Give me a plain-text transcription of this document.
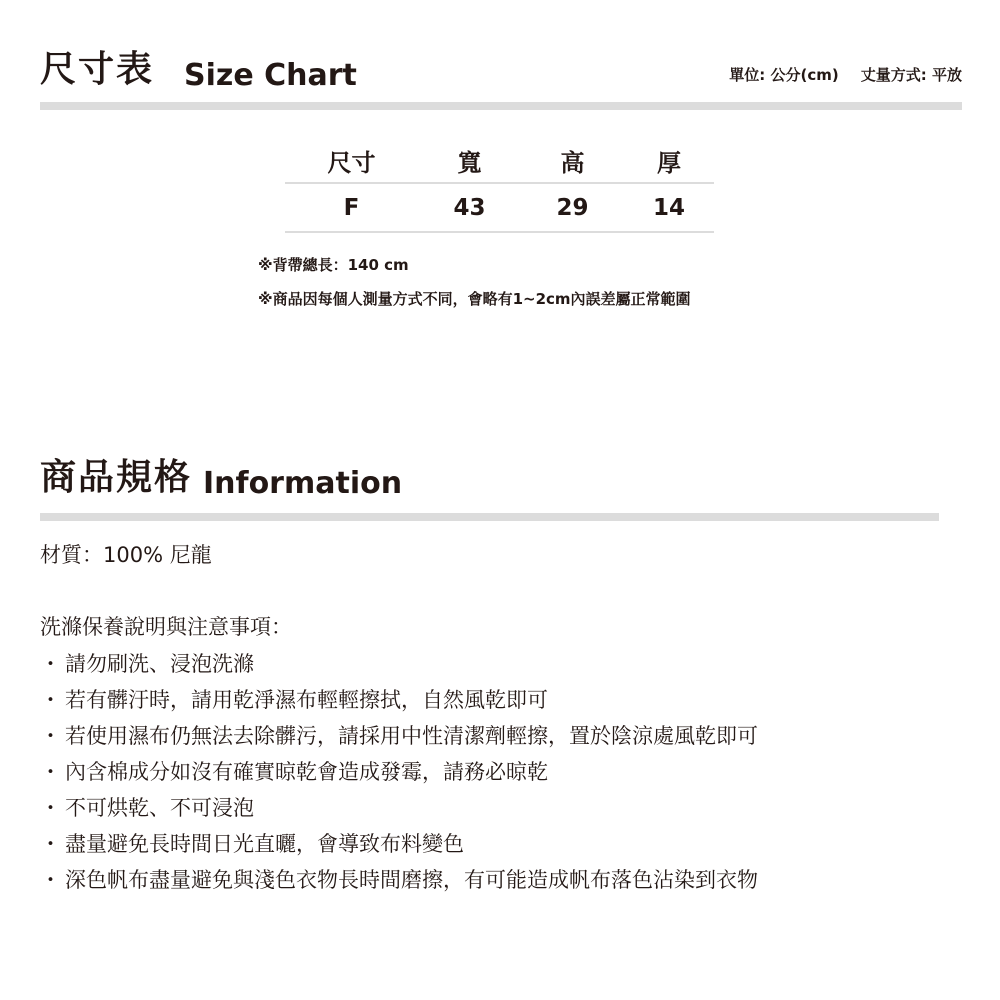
尺寸表 Size Chart	單位: 公分(cm) 丈量方式: 平放
尺寸	寬	高	厚
F	43	29	14
※背帶總長：140 cm
※商品因每個人測量方式不同，會略有1~2cm內誤差屬正常範圍
商品規格 Information
材質：100% 尼龍
洗滌保養說明與注意事項：
・ 請勿刷洗、浸泡洗滌
・ 若有髒汙時，請用乾淨濕布輕輕擦拭，自然風乾即可
・ 若使用濕布仍無法去除髒污，請採用中性清潔劑輕擦，置於陰涼處風乾即可
・ 內含棉成分如沒有確實晾乾會造成發霉，請務必晾乾
・ 不可烘乾、不可浸泡
・ 盡量避免長時間日光直曬，會導致布料變色
・ 深色帆布盡量避免與淺色衣物長時間磨擦，有可能造成帆布落色沾染到衣物
